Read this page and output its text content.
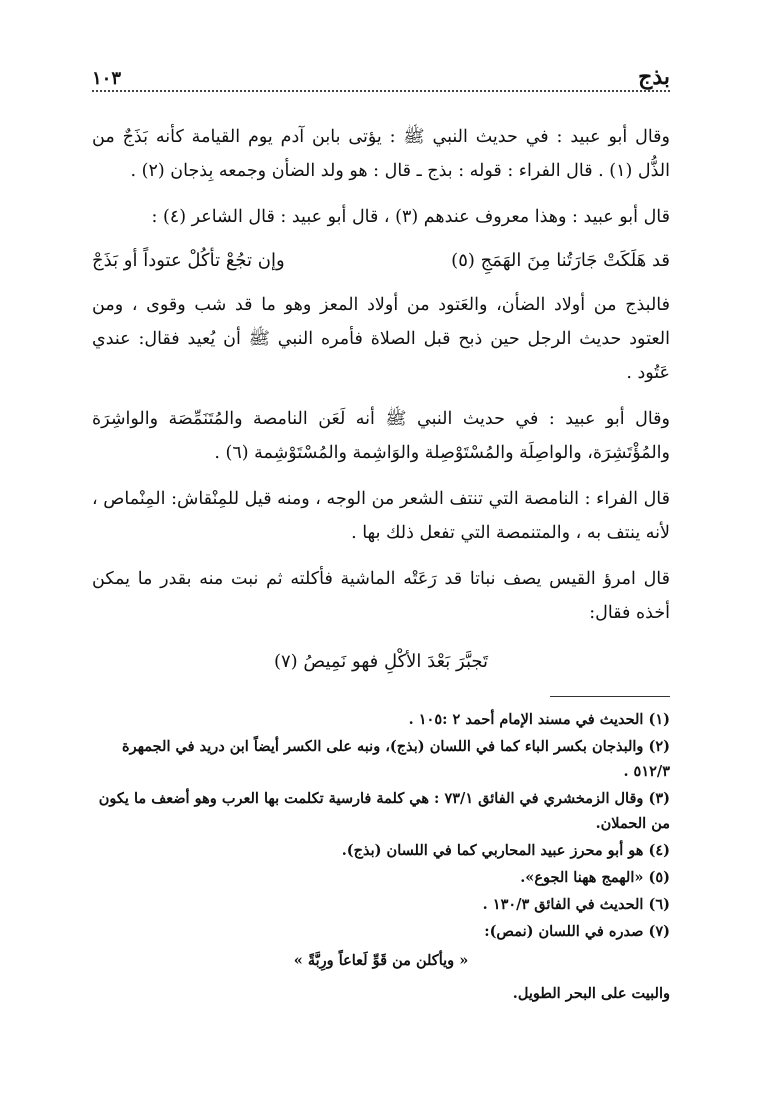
بذج
١٠٣

وقال أبو عبيد : في حديث النبي ﷺ : يؤتى بابن آدم يوم القيامة كأنه بَذَجٌ من الذُّل (١) . قال الفراء : قوله : بذج ـ قال : هو ولد الضأن وجمعه بِذجان (٢) .

قال أبو عبيد : وهذا معروف عندهم (٣) ، قال أبو عبيد : قال الشاعر (٤) :

قد هَلَكَتْ جَارَتُنا مِنَ الهَمَجِ (٥)
وإن تجُعْ تأكُلْ عتوداً أو بَذَجْ

فالبذج من أولاد الضأن، والعَتود من أولاد المعز وهو ما قد شب وقوى ، ومن العتود حديث الرجل حين ذبح قبل الصلاة فأمره النبي ﷺ أن يُعيد فقال: عندي عَتُود .

وقال أبو عبيد : في حديث النبي ﷺ أنه لَعَن النامصة والمُتَنَمِّصَة والواشِرَة والمُؤْتَشِرَة، والواصِلَة والمُسْتَوْصِلة والوَاشِمة والمُسْتَوْشِمة (٦) .

قال الفراء : النامصة التي تنتف الشعر من الوجه ، ومنه قيل للمِنْقاش: المِنْماص ، لأنه ينتف به ، والمتنمصة التي تفعل ذلك بها .

قال امرؤ القيس يصف نباتا قد رَعَتْه الماشية فأكلته ثم نبت منه بقدر ما يمكن أخذه فقال:

تَجبَّرَ بَعْدَ الأكْلِ فهو نَمِيصُ (٧)

(١) الحديث في مسند الإمام أحمد ٢ :١٠٥ .

(٢) والبذجان بكسر الباء كما في اللسان (بذج)، ونبه على الكسر أيضاً ابن دريد في الجمهرة ٥١٢/٣ .

(٣) وقال الزمخشري في الفائق ٧٣/١ : هي كلمة فارسية تكلمت بها العرب وهو أضعف ما يكون من الحملان.

(٤) هو أبو محرز عبيد المحاربي كما في اللسان (بذج).

(٥) «الهمج ههنا الجوع».

(٦) الحديث في الفائق ١٣٠/٣ .

(٧) صدره في اللسان (نمص):

« ويأكلن من قَوِّ لَعاعاً ورِبَّةً »

والبيت على البحر الطويل.
